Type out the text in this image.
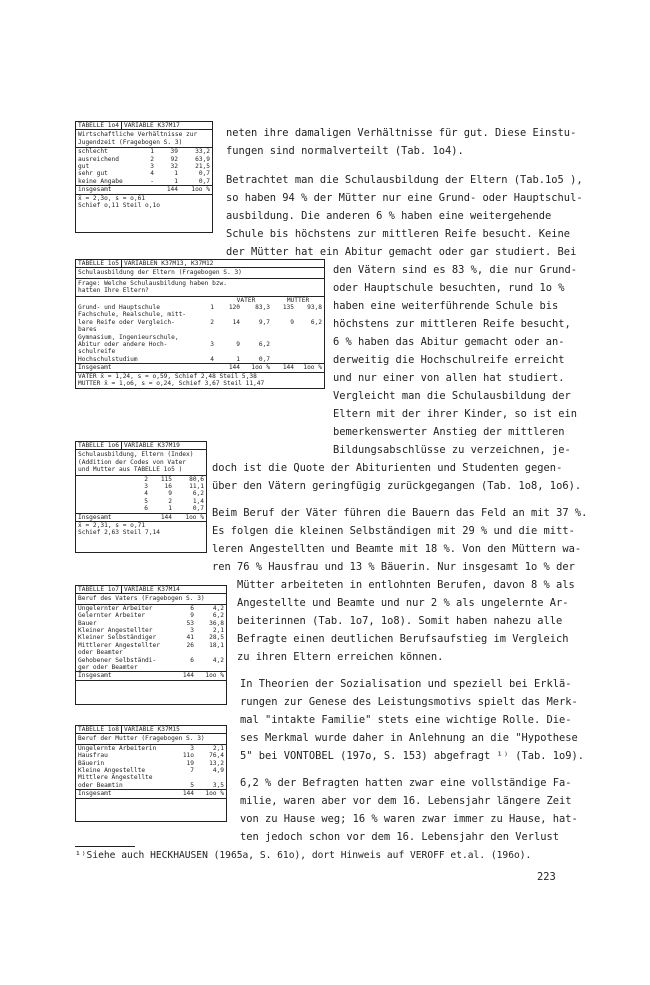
neten ihre damaligen Verhältnisse für gut. Diese Einstu-
fungen sind normalverteilt (Tab. 1o4).
Betrachtet man die Schulausbildung der Eltern (Tab.1o5 ),
so haben 94 % der Mütter nur eine Grund- oder Hauptschul-
ausbildung. Die anderen 6 % haben eine weitergehende
Schule bis höchstens zur mittleren Reife besucht. Keine
der Mütter hat ein Abitur gemacht oder gar studiert. Bei
den Vätern sind es 83 %, die nur Grund-
oder Hauptschule besuchten, rund 1o %
haben eine weiterführende Schule bis
höchstens zur mittleren Reife besucht,
6 % haben das Abitur gemacht oder an-
derweitig die Hochschulreife erreicht
und nur einer von allen hat studiert.
Vergleicht man die Schulausbildung der
Eltern mit der ihrer Kinder, so ist ein
bemerkenswerter Anstieg der mittleren
Bildungsabschlüsse zu verzeichnen, je-
doch ist die Quote der Abiturienten und Studenten gegen-
über den Vätern geringfügig zurückgegangen (Tab. 1o8, 1o6).
Beim Beruf der Väter führen die Bauern das Feld an mit 37 %.
Es folgen die kleinen Selbständigen mit 29 % und die mitt-
leren Angestellten und Beamte mit 18 %. Von den Müttern wa-
ren 76 % Hausfrau und 13 % Bäuerin. Nur insgesamt 1o % der
Mütter arbeiteten in entlohnten Berufen, davon 8 % als
Angestellte und Beamte und nur 2 % als ungelernte Ar-
beiterinnen (Tab. 1o7, 1o8). Somit haben nahezu alle
Befragte einen deutlichen Berufsaufstieg im Vergleich
zu ihren Eltern erreichen können.
In Theorien der Sozialisation und speziell bei Erklä-
rungen zur Genese des Leistungsmotivs spielt das Merk-
mal "intakte Familie" stets eine wichtige Rolle. Die-
ses Merkmal wurde daher in Anlehnung an die "Hypothese
5" bei VONTOBEL (197o, S. 153) abgefragt ¹⁾ (Tab. 1o9).
6,2 % der Befragten hatten zwar eine vollständige Fa-
milie, waren aber vor dem 16. Lebensjahr längere Zeit
von zu Hause weg; 16 % waren zwar immer zu Hause, hat-
ten jedoch schon vor dem 16. Lebensjahr den Verlust
TABELLE 1o4 VARIABLE K37M17
Wirtschaftliche Verhältnisse zur
Jugendzeit (Fragebogen S. 3)
schlecht	1	39	33,2
ausreichend	2	92	63,9
gut	3	32	21,5
sehr gut	4	1	0,7
keine Angabe	-	1	0,7
insgesamt	144	1oo %
x̄ = 2,3o, s = o,61
Schief o,11 Steil o,1o
TABELLE 1o5 VARIABLEN K37M13, K37M12
Schulausbildung der Eltern (Fragebogen S. 3)
Frage: Welche Schulausbildung haben bzw.
hatten Ihre Eltern?
VATER	MUTTER
Grund- und Hauptschule	1	120	83,3	135	93,8
Fachschule, Realschule, mitt-
lere Reife oder Vergleich-	2	14	9,7	9	6,2
bares
Gymnasium, Ingenieurschule,
Abitur oder andere Hoch-	3	9	6,2
schulreife
Hochschulstudium	4	1	0,7
Insgesamt	144	1oo %	144	1oo %
VATER x̄ = 1,24, s = o,59, Schief 2,48 Steil 5,38
MUTTER x̄ = 1,o6, s = o,24, Schief 3,67 Steil 11,47
TABELLE 1o6 VARIABLE K37M19
Schulausbildung, Eltern (Index)
(Addition der Codes von Vater
und Mutter aus TABELLE 1o5 )
2	115	80,6
3	16	11,1
4	9	6,2
5	2	1,4
6	1	0,7
Insgesamt	144	1oo %
x̄ = 2,31, s = o,71
Schief 2,63 Steil 7,14
TABELLE 1o7 VARIABLE K37M14
Beruf des Vaters (Fragebogen S. 3)
Ungelernter Arbeiter	6	4,2
Gelernter Arbeiter	9	6,2
Bauer	53	36,8
Kleiner Angestellter	3	2,1
Kleiner Selbständiger	41	28,5
Mittlerer Angestellter	26	18,1
oder Beamter
Gehobener Selbständi-	6	4,2
ger oder Beamter
Insgesamt	144	1oo %
TABELLE 1o8 VARIABLE K37M15
Beruf der Mutter (Fragebogen S. 3)
Ungelernte Arbeiterin	3	2,1
Hausfrau	11o	76,4
Bäuerin	19	13,2
Kleine Angestellte	7	4,9
Mittlere Angestellte
oder Beamtin	5	3,5
Insgesamt	144	1oo %
¹⁾Siehe auch HECKHAUSEN (1965a, S. 61o), dort Hinweis auf VEROFF et.al. (196o).
223
